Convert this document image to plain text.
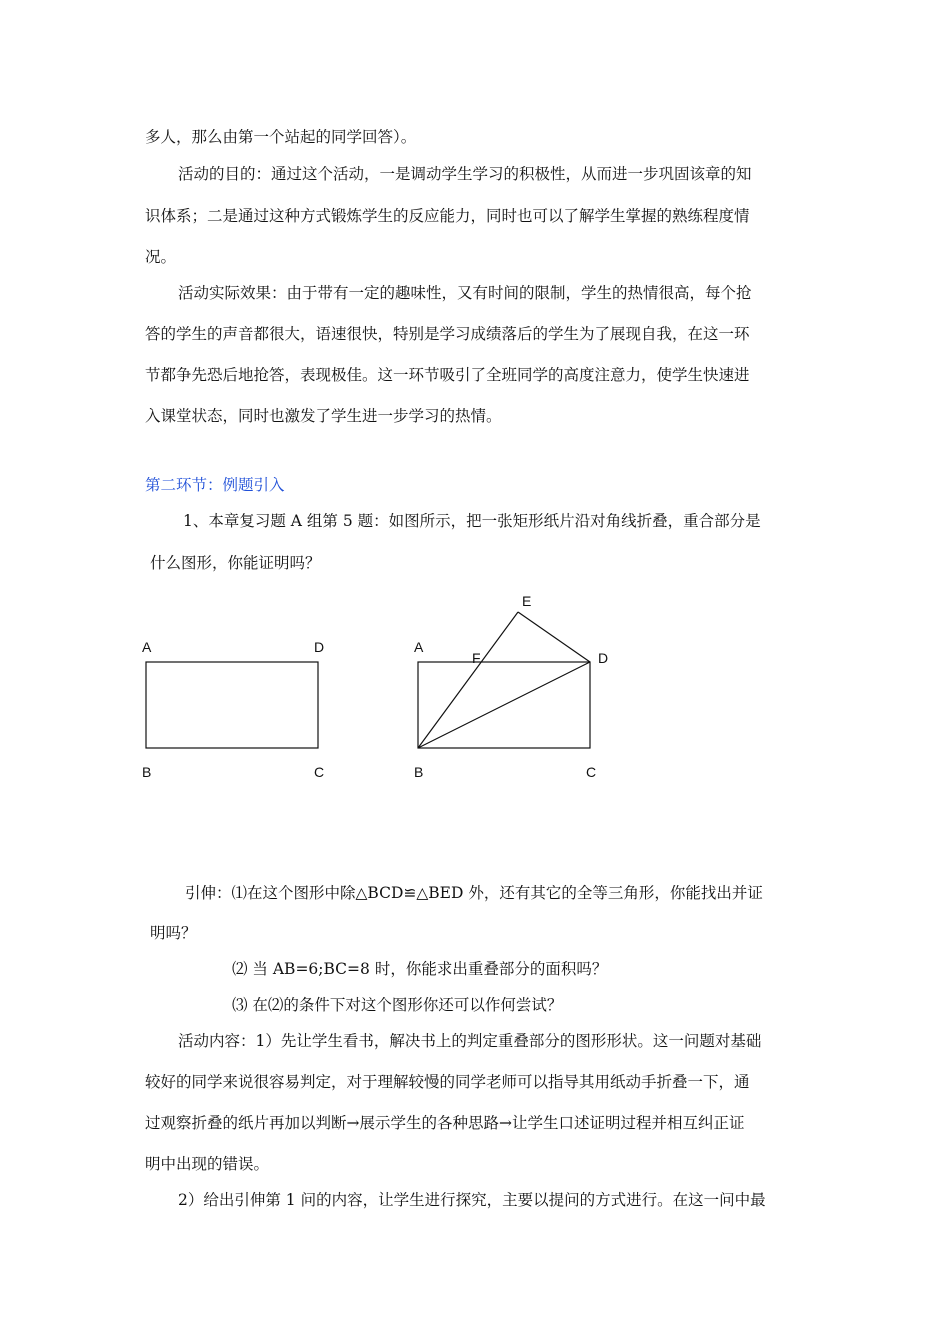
多人，那么由第一个站起的同学回答）。
活动的目的：通过这个活动，一是调动学生学习的积极性，从而进一步巩固该章的知
识体系；二是通过这种方式锻炼学生的反应能力，同时也可以了解学生掌握的熟练程度情
况。
活动实际效果：由于带有一定的趣味性，又有时间的限制，学生的热情很高，每个抢
答的学生的声音都很大，语速很快，特别是学习成绩落后的学生为了展现自我，在这一环
节都争先恐后地抢答，表现极佳。这一环节吸引了全班同学的高度注意力，使学生快速进
入课堂状态，同时也激发了学生进一步学习的热情。
第二环节：例题引入
1、本章复习题 A 组第 5 题：如图所示，把一张矩形纸片沿对角线折叠，重合部分是
什么图形，你能证明吗？
A	D
B	C
E
A
F	D
B	C
引伸：⑴在这个图形中除△BCD≌△BED 外，还有其它的全等三角形，你能找出并证
明吗？
⑵ 当 AB=6;BC=8 时，你能求出重叠部分的面积吗？
⑶ 在⑵的条件下对这个图形你还可以作何尝试？
活动内容：1）先让学生看书，解决书上的判定重叠部分的图形形状。这一问题对基础
较好的同学来说很容易判定，对于理解较慢的同学老师可以指导其用纸动手折叠一下，通
过观察折叠的纸片再加以判断→展示学生的各种思路→让学生口述证明过程并相互纠正证
明中出现的错误。
2）给出引伸第 1 问的内容，让学生进行探究，主要以提问的方式进行。在这一问中最
